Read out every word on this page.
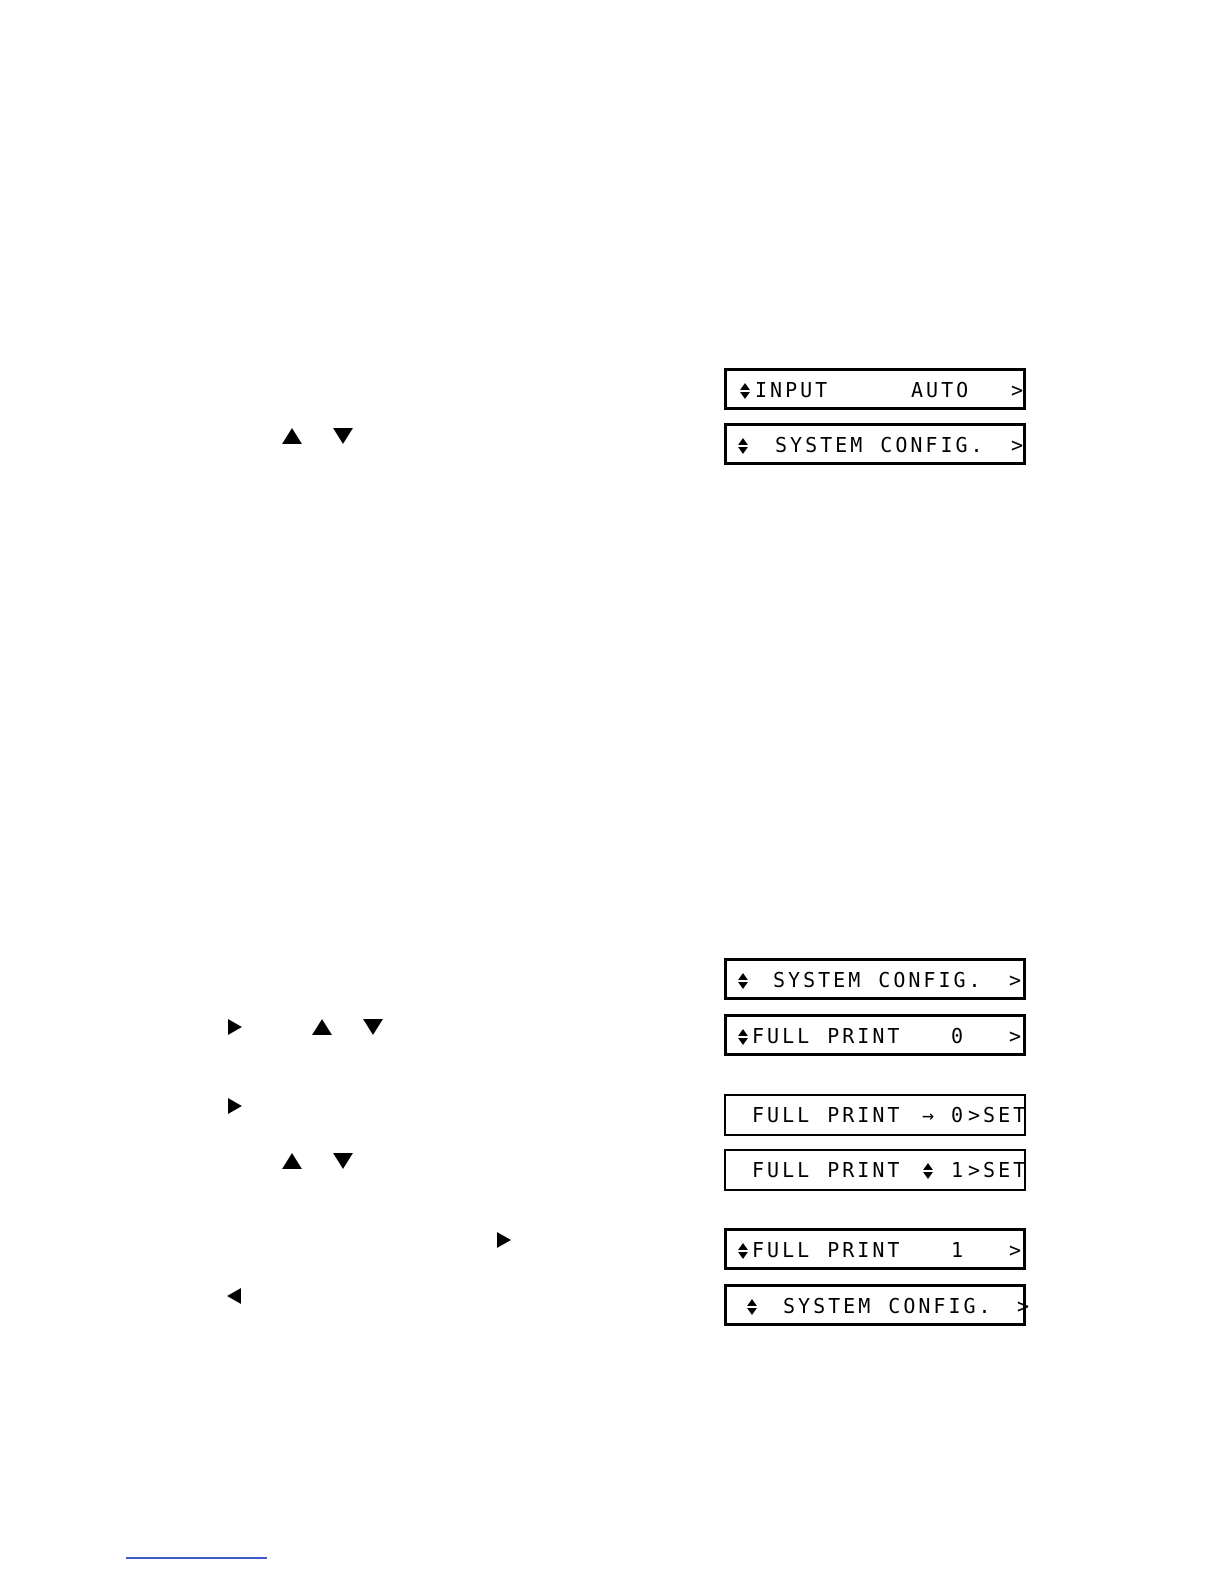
INPUT

	AUTO

>

SYSTEM CONFIG.

>

SYSTEM CONFIG.

>

FULL PRINT

0

>

FULL PRINT

→

0

>SET

FULL PRINT

1

>SET

FULL PRINT

1

>

SYSTEM CONFIG.

>
